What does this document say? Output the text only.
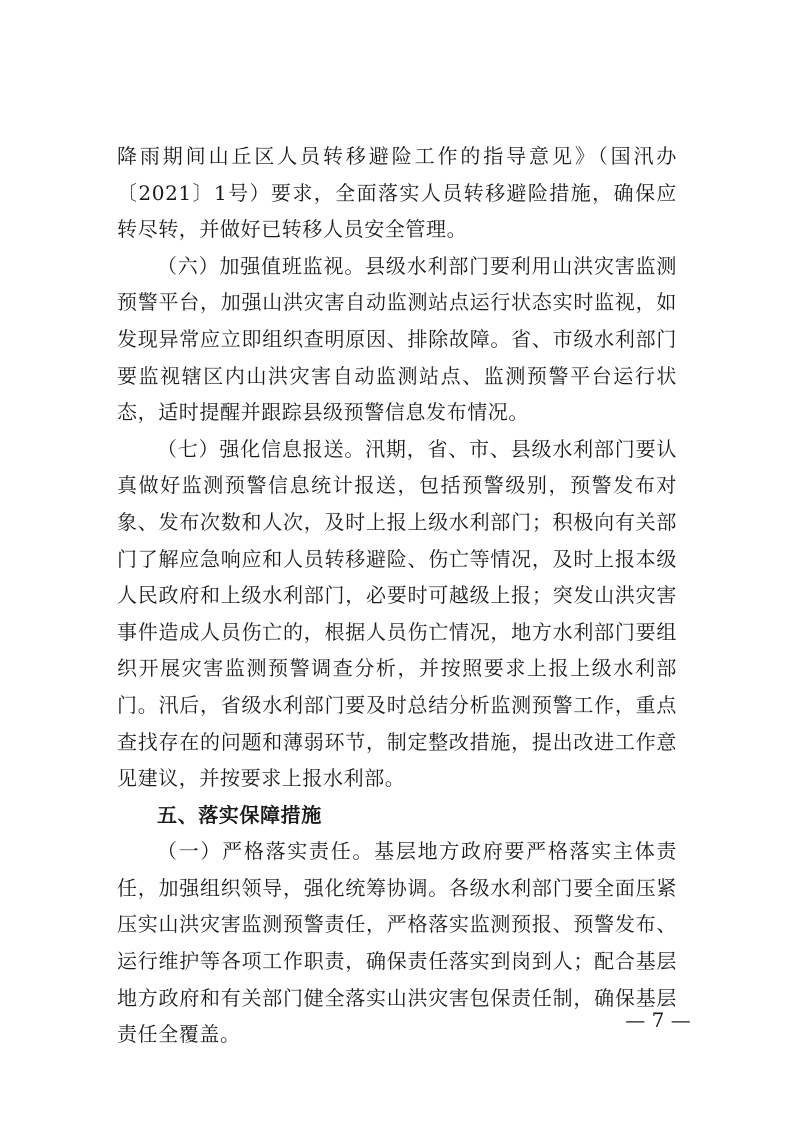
降雨期间山丘区人员转移避险工作的指导意见》（国汛办〔2021〕1号）要求，全面落实人员转移避险措施，确保应转尽转，并做好已转移人员安全管理。

（六）加强值班监视。县级水利部门要利用山洪灾害监测预警平台，加强山洪灾害自动监测站点运行状态实时监视，如发现异常应立即组织查明原因、排除故障。省、市级水利部门要监视辖区内山洪灾害自动监测站点、监测预警平台运行状态，适时提醒并跟踪县级预警信息发布情况。

（七）强化信息报送。汛期，省、市、县级水利部门要认真做好监测预警信息统计报送，包括预警级别，预警发布对象、发布次数和人次，及时上报上级水利部门；积极向有关部门了解应急响应和人员转移避险、伤亡等情况，及时上报本级人民政府和上级水利部门，必要时可越级上报；突发山洪灾害事件造成人员伤亡的，根据人员伤亡情况，地方水利部门要组织开展灾害监测预警调查分析，并按照要求上报上级水利部门。汛后，省级水利部门要及时总结分析监测预警工作，重点查找存在的问题和薄弱环节，制定整改措施，提出改进工作意见建议，并按要求上报水利部。

五、落实保障措施

（一）严格落实责任。基层地方政府要严格落实主体责任，加强组织领导，强化统筹协调。各级水利部门要全面压紧压实山洪灾害监测预警责任，严格落实监测预报、预警发布、运行维护等各项工作职责，确保责任落实到岗到人；配合基层地方政府和有关部门健全落实山洪灾害包保责任制，确保基层责任全覆盖。

— 7 —
